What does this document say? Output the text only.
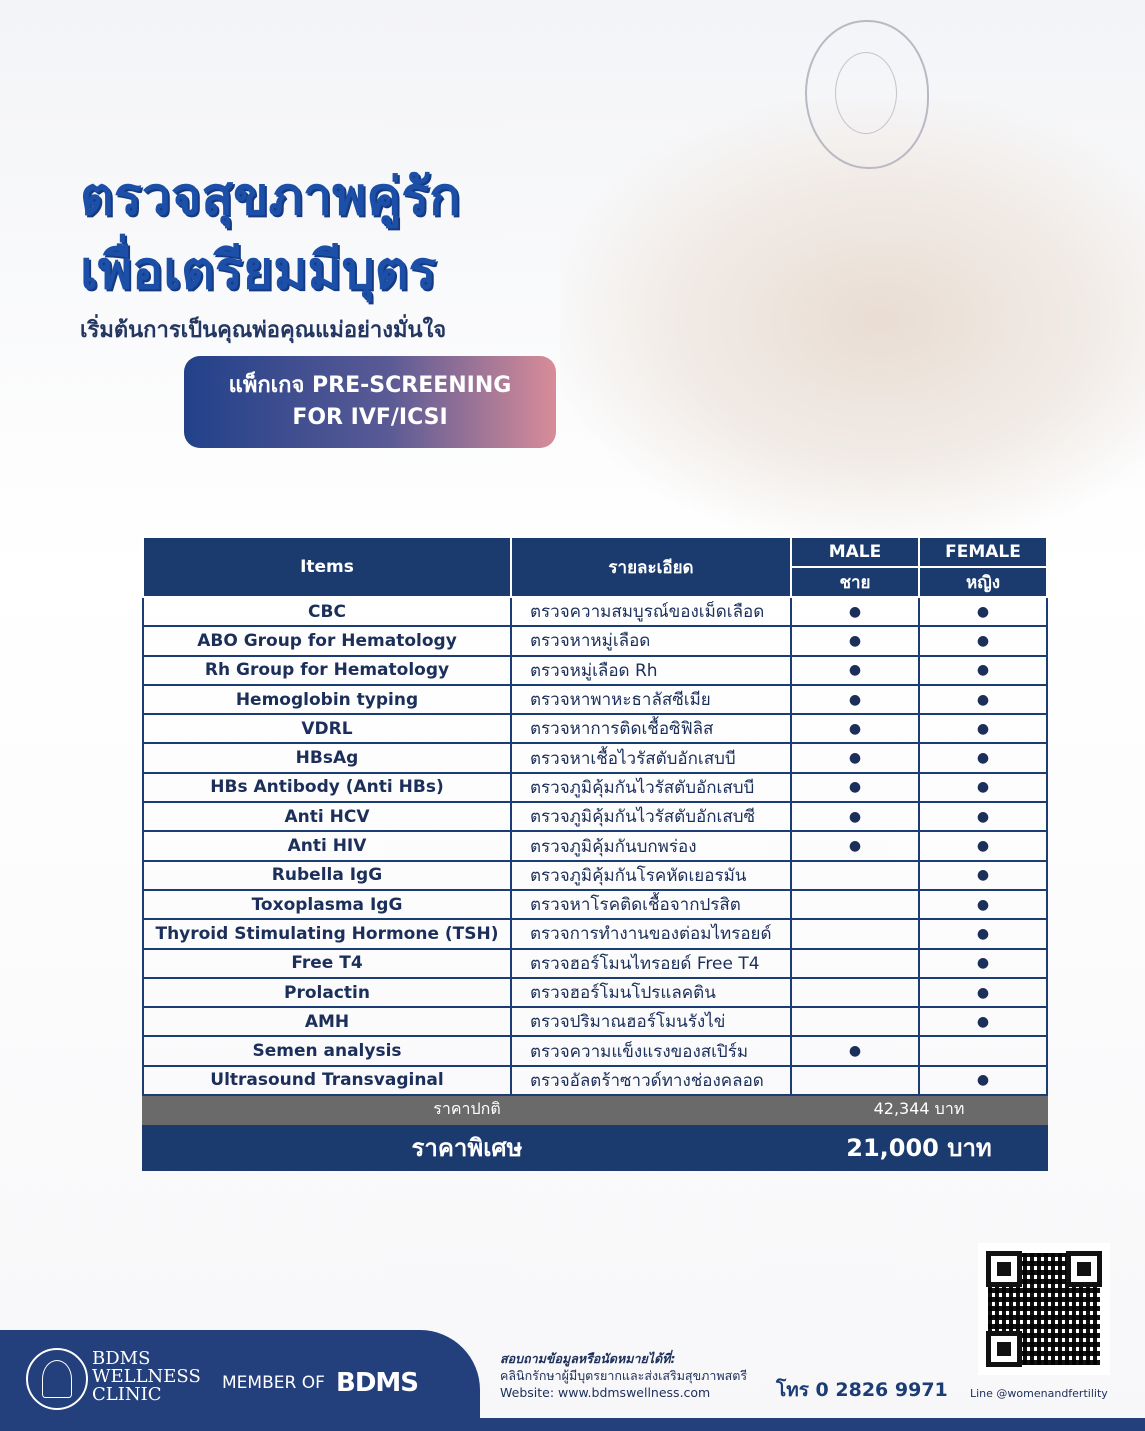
ตรวจสุขภาพคู่รัก
เพื่อเตรียมมีบุตร
เริ่มต้นการเป็นคุณพ่อคุณแม่อย่างมั่นใจ
แพ็กเกจ PRE-SCREENING
FOR IVF/ICSI
Items	รายละเอียด	MALE	FEMALE
		ชาย	หญิง
CBC	ตรวจความสมบูรณ์ของเม็ดเลือด	●	●
ABO Group for Hematology	ตรวจหาหมู่เลือด	●	●
Rh Group for Hematology	ตรวจหมู่เลือด Rh	●	●
Hemoglobin typing	ตรวจหาพาหะธาลัสซีเมีย	●	●
VDRL	ตรวจหาการติดเชื้อซิฟิลิส	●	●
HBsAg	ตรวจหาเชื้อไวรัสตับอักเสบบี	●	●
HBs Antibody (Anti HBs)	ตรวจภูมิคุ้มกันไวรัสตับอักเสบบี	●	●
Anti HCV	ตรวจภูมิคุ้มกันไวรัสตับอักเสบซี	●	●
Anti HIV	ตรวจภูมิคุ้มกันบกพร่อง	●	●
Rubella IgG	ตรวจภูมิคุ้มกันโรคหัดเยอรมัน		●
Toxoplasma IgG	ตรวจหาโรคติดเชื้อจากปรสิต		●
Thyroid Stimulating Hormone (TSH)	ตรวจการทำงานของต่อมไทรอยด์		●
Free T4	ตรวจฮอร์โมนไทรอยด์ Free T4		●
Prolactin	ตรวจฮอร์โมนโปรแลคติน		●
AMH	ตรวจปริมาณฮอร์โมนรังไข่		●
Semen analysis	ตรวจความแข็งแรงของสเปิร์ม	●	
Ultrasound Transvaginal	ตรวจอัลตร้าซาวด์ทางช่องคลอด		●
ราคาปกติ		42,344 บาท	
ราคาพิเศษ		21,000 บาท	
Line @womenandfertility
BDMS
WELLNESS
CLINIC
MEMBER OF BDMS
สอบถามข้อมูลหรือนัดหมายได้ที่:
คลินิกรักษาผู้มีบุตรยากและส่งเสริมสุขภาพสตรี
Website: www.bdmswellness.com	โทร 0 2826 9971
